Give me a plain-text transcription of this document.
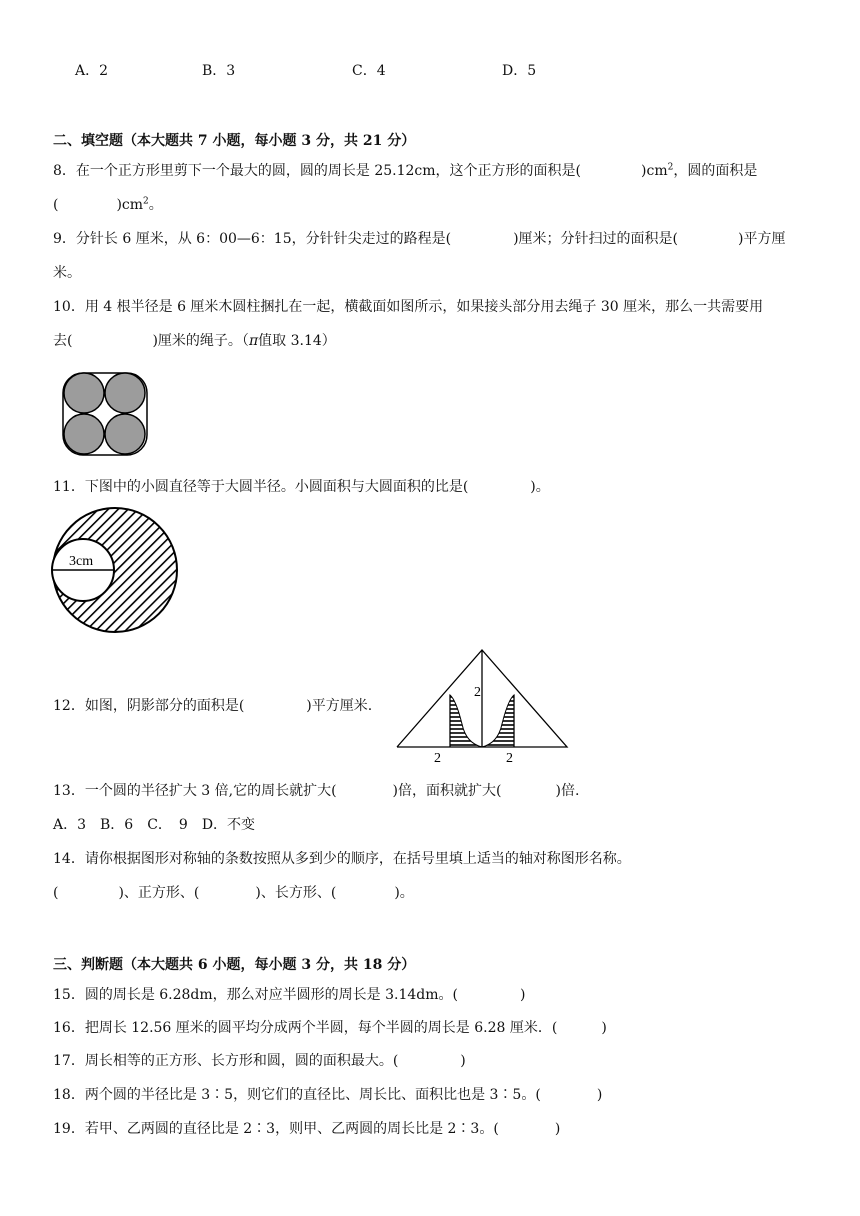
A．2	B．3	C．4	D．5
二、填空题（本大题共 7 小题，每小题 3 分，共 21 分）
8．在一个正方形里剪下一个最大的圆，圆的周长是 25.12cm，这个正方形的面积是(	)$cm^2$，圆的面积是
(	)$cm^2$。
9．分针长 6 厘米，从 6：00—6：15，分针针尖走过的路程是(	)厘米；分针扫过的面积是(	)平方厘
米。
10．用 4 根半径是 6 厘米木圆柱捆扎在一起，横截面如图所示，如果接头部分用去绳子 30 厘米，那么一共需要用
去(	)厘米的绳子。（π值取 3.14）
11．下图中的小圆直径等于大圆半径。小圆面积与大圆面积的比是(	)。
3cm
12．如图，阴影部分的面积是(	)平方厘米.
2
2	2
13．一个圆的半径扩大 3 倍,它的周长就扩大(	)倍，面积就扩大(	)倍.
A．3　B．6　C．　9　D．不变
14．请你根据图形对称轴的条数按照从多到少的顺序，在括号里填上适当的轴对称图形名称。
(	)、正方形、(	)、长方形、(	)。
三、判断题（本大题共 6 小题，每小题 3 分，共 18 分）
15．圆的周长是 6.28dm，那么对应半圆形的周长是 3.14dm。(	)
16．把周长 12.56 厘米的圆平均分成两个半圆，每个半圆的周长是 6.28 厘米．(	)
17．周长相等的正方形、长方形和圆，圆的面积最大。(	)
18．两个圆的半径比是 3∶5，则它们的直径比、周长比、面积比也是 3∶5。(	)
19．若甲、乙两圆的直径比是 2∶3，则甲、乙两圆的周长比是 2∶3。(	)
